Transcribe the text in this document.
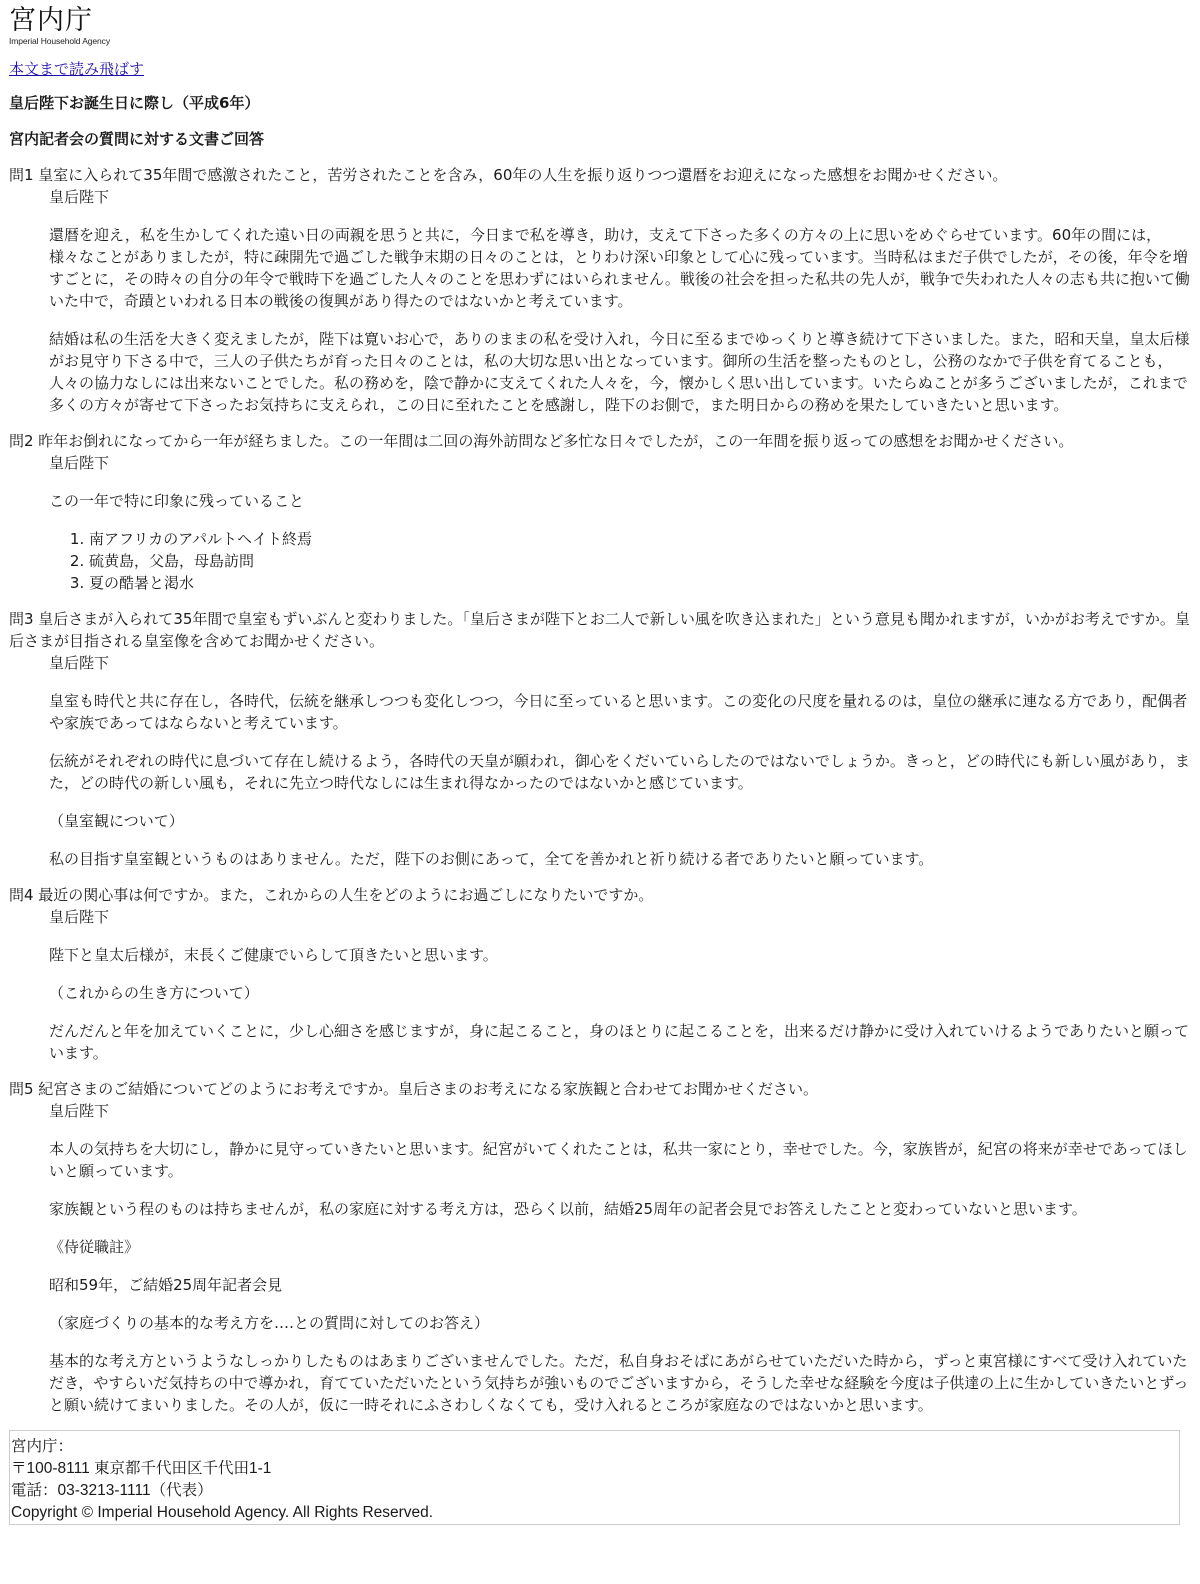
宮内庁
Imperial Household Agency
本文まで読み飛ばす
皇后陛下お誕生日に際し（平成6年）
宮内記者会の質問に対する文書ご回答
問1 皇室に入られて35年間で感激されたこと，苦労されたことを含み，60年の人生を振り返りつつ還暦をお迎えになった感想をお聞かせください。
皇后陛下

還暦を迎え，私を生かしてくれた遠い日の両親を思うと共に，今日まで私を導き，助け，支えて下さった多くの方々の上に思いをめぐらせています。60年の間には，様々なことがありましたが，特に疎開先で過ごした戦争末期の日々のことは，とりわけ深い印象として心に残っています。当時私はまだ子供でしたが，その後，年令を増すごとに，その時々の自分の年令で戦時下を過ごした人々のことを思わずにはいられません。戦後の社会を担った私共の先人が，戦争で失われた人々の志も共に抱いて働いた中で，奇蹟といわれる日本の戦後の復興があり得たのではないかと考えています。

結婚は私の生活を大きく変えましたが，陛下は寛いお心で，ありのままの私を受け入れ，今日に至るまでゆっくりと導き続けて下さいました。また，昭和天皇，皇太后様がお見守り下さる中で，三人の子供たちが育った日々のことは，私の大切な思い出となっています。御所の生活を整ったものとし，公務のなかで子供を育てることも，人々の協力なしには出来ないことでした。私の務めを，陰で静かに支えてくれた人々を，今，懐かしく思い出しています。いたらぬことが多うございましたが，これまで多くの方々が寄せて下さったお気持ちに支えられ，この日に至れたことを感謝し，陛下のお側で，また明日からの務めを果たしていきたいと思います。

問2 昨年お倒れになってから一年が経ちました。この一年間は二回の海外訪問など多忙な日々でしたが，この一年間を振り返っての感想をお聞かせください。
皇后陛下

この一年で特に印象に残っていること

1. 南アフリカのアパルトヘイト終焉
2. 硫黄島，父島，母島訪問
3. 夏の酷暑と渇水
問3 皇后さまが入られて35年間で皇室もずいぶんと変わりました。「皇后さまが陛下とお二人で新しい風を吹き込まれた」という意見も聞かれますが，いかがお考えですか。皇后さまが目指される皇室像を含めてお聞かせください。
皇后陛下

皇室も時代と共に存在し，各時代，伝統を継承しつつも変化しつつ，今日に至っていると思います。この変化の尺度を量れるのは，皇位の継承に連なる方であり，配偶者や家族であってはならないと考えています。

伝統がそれぞれの時代に息づいて存在し続けるよう，各時代の天皇が願われ，御心をくだいていらしたのではないでしょうか。きっと，どの時代にも新しい風があり，また，どの時代の新しい風も，それに先立つ時代なしには生まれ得なかったのではないかと感じています。

（皇室観について）

私の目指す皇室観というものはありません。ただ，陛下のお側にあって，全てを善かれと祈り続ける者でありたいと願っています。

問4 最近の関心事は何ですか。また，これからの人生をどのようにお過ごしになりたいですか。
皇后陛下

陛下と皇太后様が，末長くご健康でいらして頂きたいと思います。

（これからの生き方について）

だんだんと年を加えていくことに，少し心細さを感じますが，身に起こること，身のほとりに起こることを，出来るだけ静かに受け入れていけるようでありたいと願っています。

問5 紀宮さまのご結婚についてどのようにお考えですか。皇后さまのお考えになる家族観と合わせてお聞かせください。
皇后陛下

本人の気持ちを大切にし，静かに見守っていきたいと思います。紀宮がいてくれたことは，私共一家にとり，幸せでした。今，家族皆が，紀宮の将来が幸せであってほしいと願っています。

家族観という程のものは持ちませんが，私の家庭に対する考え方は，恐らく以前，結婚25周年の記者会見でお答えしたことと変わっていないと思います。

《侍従職註》

昭和59年，ご結婚25周年記者会見

（家庭づくりの基本的な考え方を‥‥との質問に対してのお答え）

基本的な考え方というようなしっかりしたものはあまりございませんでした。ただ，私自身おそばにあがらせていただいた時から，ずっと東宮様にすべて受け入れていただき，やすらいだ気持ちの中で導かれ，育てていただいたという気持ちが強いものでございますから，そうした幸せな経験を今度は子供達の上に生かしていきたいとずっと願い続けてまいりました。その人が，仮に一時それにふさわしくなくても，受け入れるところが家庭なのではないかと思います。

宮内庁：
〒100-8111 東京都千代田区千代田1-1
電話：03-3213-1111（代表）
Copyright © Imperial Household Agency. All Rights Reserved.
